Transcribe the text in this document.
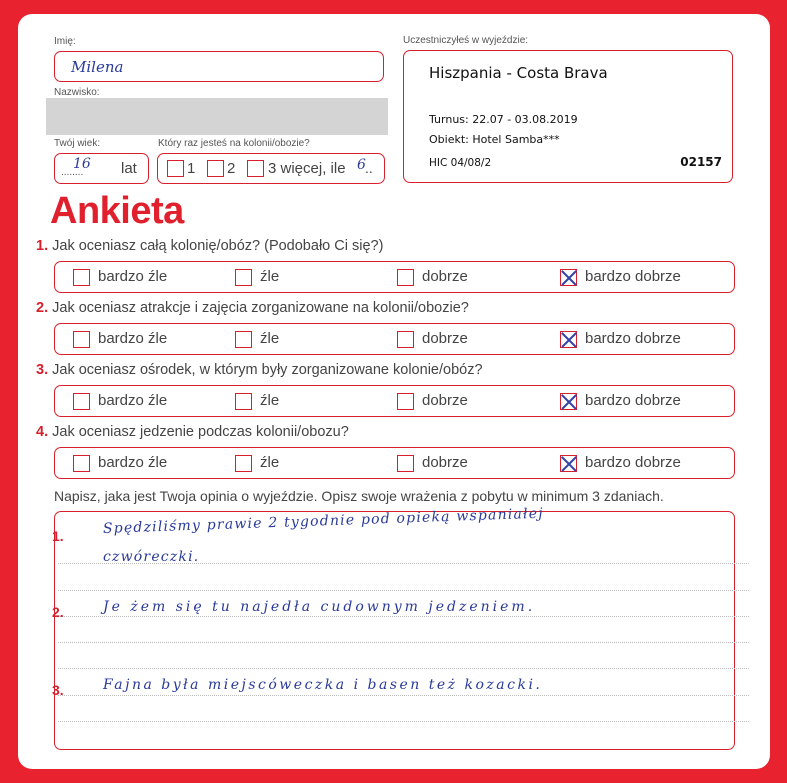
Imię:
Milena
Nazwisko:
Twój wiek:
........
16 lat
Który raz jesteś na kolonii/obozie?
1 2 3 więcej, ile 6 ..
Uczestniczyłeś w wyjeździe:
Hiszpania - Costa Brava
Turnus: 22.07 - 03.08.2019
Obiekt: Hotel Samba***
HIC 04/08/2	02157
Ankieta
1. Jak oceniasz całą kolonię/obóz? (Podobało Ci się?)
bardzo źle	źle	dobrze	bardzo dobrze
2. Jak oceniasz atrakcje i zajęcia zorganizowane na kolonii/obozie?
bardzo źle	źle	dobrze	bardzo dobrze
3. Jak oceniasz ośrodek, w którym były zorganizowane kolonie/obóz?
bardzo źle	źle	dobrze	bardzo dobrze
4. Jak oceniasz jedzenie podczas kolonii/obozu?
bardzo źle	źle	dobrze	bardzo dobrze
Napisz, jaka jest Twoja opinia o wyjeździe. Opisz swoje wrażenia z pobytu w minimum 3 zdaniach.
1.	Spędziliśmy prawie 2 tygodnie pod opieką wspaniałej
czwóreczki.
2.	Je żem się tu najedła cudownym jedzeniem.
3.	Fajna była miejscóweczka i basen też kozacki.
